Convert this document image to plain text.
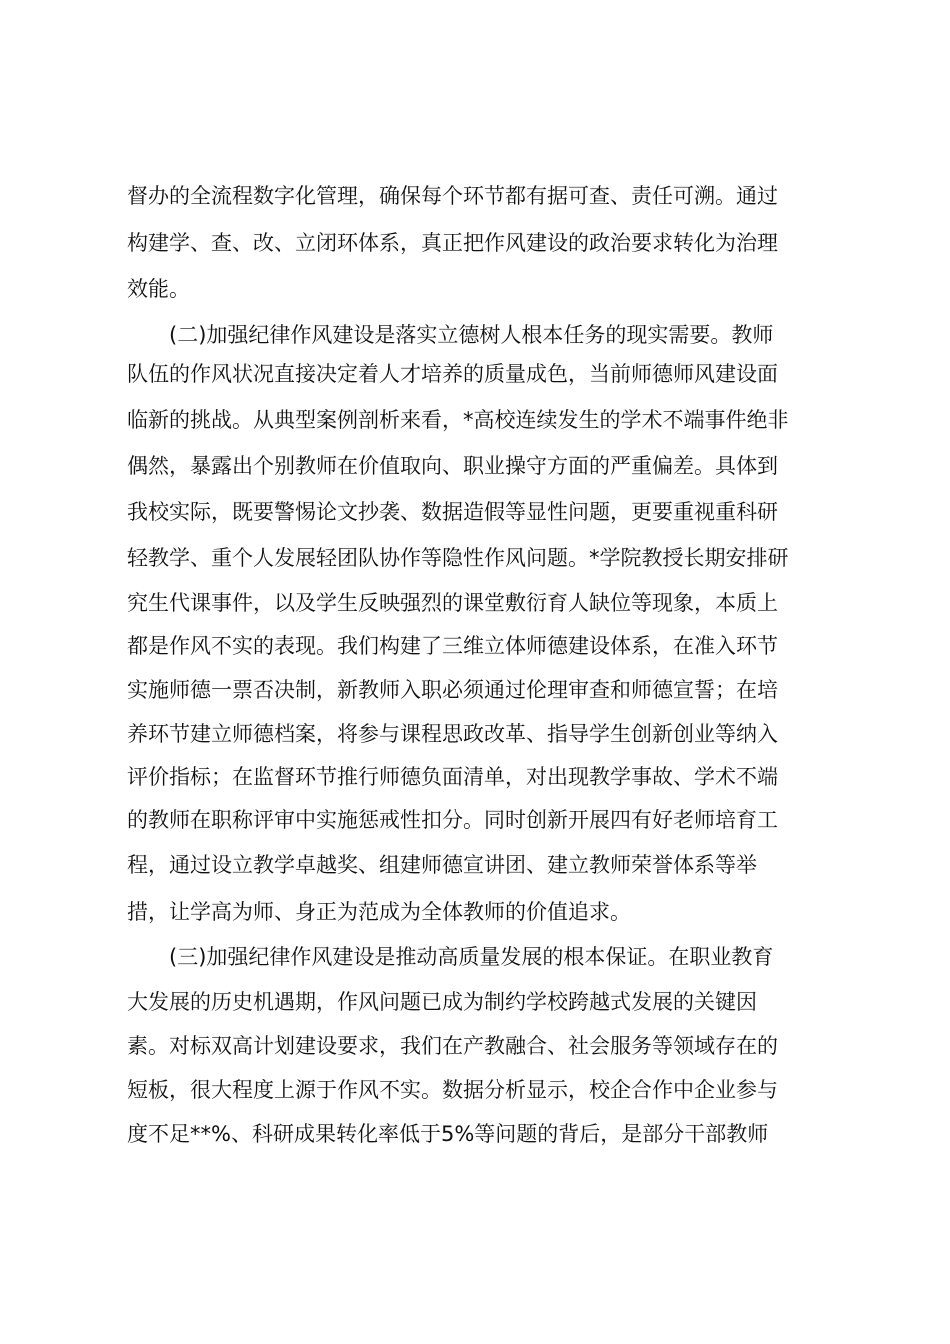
督办的全流程数字化管理，确保每个环节都有据可查、责任可溯。通过
构建学、查、改、立闭环体系，真正把作风建设的政治要求转化为治理
效能。
(二)加强纪律作风建设是落实立德树人根本任务的现实需要。教师
队伍的作风状况直接决定着人才培养的质量成色，当前师德师风建设面
临新的挑战。从典型案例剖析来看，*高校连续发生的学术不端事件绝非
偶然，暴露出个别教师在价值取向、职业操守方面的严重偏差。具体到
我校实际，既要警惕论文抄袭、数据造假等显性问题，更要重视重科研
轻教学、重个人发展轻团队协作等隐性作风问题。*学院教授长期安排研
究生代课事件，以及学生反映强烈的课堂敷衍育人缺位等现象，本质上
都是作风不实的表现。我们构建了三维立体师德建设体系，在准入环节
实施师德一票否决制，新教师入职必须通过伦理审查和师德宣誓；在培
养环节建立师德档案，将参与课程思政改革、指导学生创新创业等纳入
评价指标；在监督环节推行师德负面清单，对出现教学事故、学术不端
的教师在职称评审中实施惩戒性扣分。同时创新开展四有好老师培育工
程，通过设立教学卓越奖、组建师德宣讲团、建立教师荣誉体系等举
措，让学高为师、身正为范成为全体教师的价值追求。
(三)加强纪律作风建设是推动高质量发展的根本保证。在职业教育
大发展的历史机遇期，作风问题已成为制约学校跨越式发展的关键因
素。对标双高计划建设要求，我们在产教融合、社会服务等领域存在的
短板，很大程度上源于作风不实。数据分析显示，校企合作中企业参与
度不足**%、科研成果转化率低于5%等问题的背后，是部分干部教师
